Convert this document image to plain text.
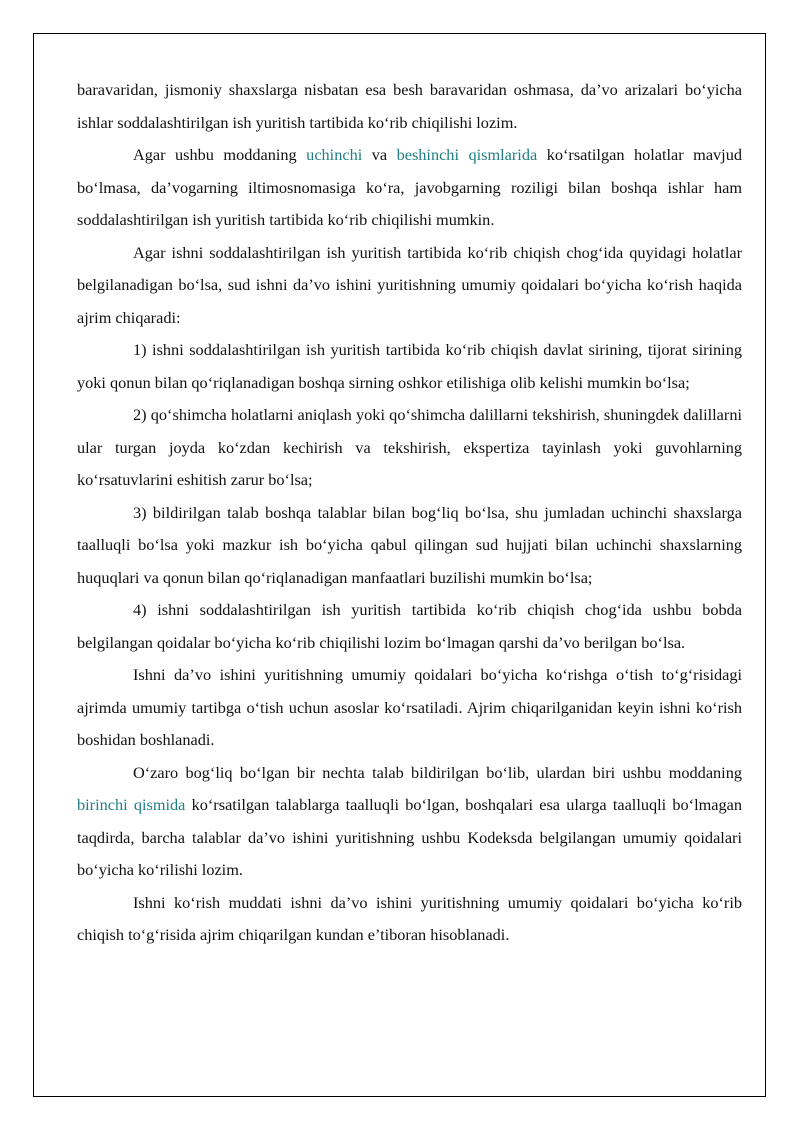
baravaridan, jismoniy shaxslarga nisbatan esa besh baravaridan oshmasa, da’vo arizalari bo‘yicha ishlar soddalashtirilgan ish yuritish tartibida ko‘rib chiqilishi lozim.

Agar ushbu moddaning uchinchi va beshinchi qismlarida ko‘rsatilgan holatlar mavjud bo‘lmasa, da’vogarning iltimosnomasiga ko‘ra, javobgarning roziligi bilan boshqa ishlar ham soddalashtirilgan ish yuritish tartibida ko‘rib chiqilishi mumkin.

Agar ishni soddalashtirilgan ish yuritish tartibida ko‘rib chiqish chog‘ida quyidagi holatlar belgilanadigan bo‘lsa, sud ishni da’vo ishini yuritishning umumiy qoidalari bo‘yicha ko‘rish haqida ajrim chiqaradi:

1) ishni soddalashtirilgan ish yuritish tartibida ko‘rib chiqish davlat sirining, tijorat sirining yoki qonun bilan qo‘riqlanadigan boshqa sirning oshkor etilishiga olib kelishi mumkin bo‘lsa;

2) qo‘shimcha holatlarni aniqlash yoki qo‘shimcha dalillarni tekshirish, shuningdek dalillarni ular turgan joyda ko‘zdan kechirish va tekshirish, ekspertiza tayinlash yoki guvohlarning ko‘rsatuvlarini eshitish zarur bo‘lsa;

3) bildirilgan talab boshqa talablar bilan bog‘liq bo‘lsa, shu jumladan uchinchi shaxslarga taalluqli bo‘lsa yoki mazkur ish bo‘yicha qabul qilingan sud hujjati bilan uchinchi shaxslarning huquqlari va qonun bilan qo‘riqlanadigan manfaatlari buzilishi mumkin bo‘lsa;

4) ishni soddalashtirilgan ish yuritish tartibida ko‘rib chiqish chog‘ida ushbu bobda belgilangan qoidalar bo‘yicha ko‘rib chiqilishi lozim bo‘lmagan qarshi da’vo berilgan bo‘lsa.

Ishni da’vo ishini yuritishning umumiy qoidalari bo‘yicha ko‘rishga o‘tish to‘g‘risidagi ajrimda umumiy tartibga o‘tish uchun asoslar ko‘rsatiladi. Ajrim chiqarilganidan keyin ishni ko‘rish boshidan boshlanadi.

O‘zaro bog‘liq bo‘lgan bir nechta talab bildirilgan bo‘lib, ulardan biri ushbu moddaning birinchi qismida ko‘rsatilgan talablarga taalluqli bo‘lgan, boshqalari esa ularga taalluqli bo‘lmagan taqdirda, barcha talablar da’vo ishini yuritishning ushbu Kodeksda belgilangan umumiy qoidalari bo‘yicha ko‘rilishi lozim.

Ishni ko‘rish muddati ishni da’vo ishini yuritishning umumiy qoidalari bo‘yicha ko‘rib chiqish to‘g‘risida ajrim chiqarilgan kundan e’tiboran hisoblanadi.
